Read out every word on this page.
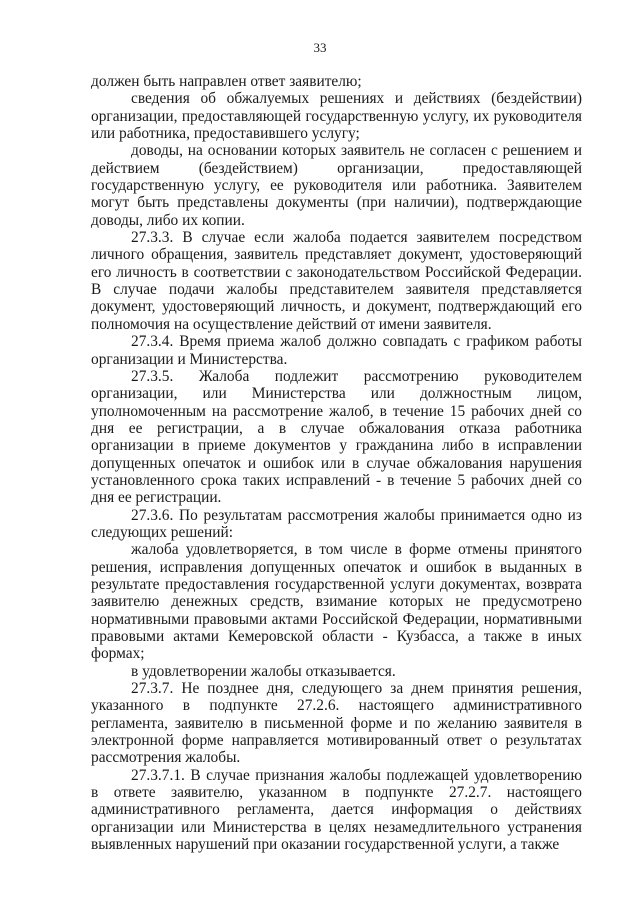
33

должен быть направлен ответ заявителю;

сведения об обжалуемых решениях и действиях (бездействии) организации, предоставляющей государственную услугу, их руководителя или работника, предоставившего услугу;

доводы, на основании которых заявитель не согласен с решением и действием (бездействием) организации, предоставляющей государственную услугу, ее руководителя или работника. Заявителем могут быть представлены документы (при наличии), подтверждающие доводы, либо их копии.

27.3.3. В случае если жалоба подается заявителем посредством личного обращения, заявитель представляет документ, удостоверяющий его личность в соответствии с законодательством Российской Федерации. В случае подачи жалобы представителем заявителя представляется документ, удостоверяющий личность, и документ, подтверждающий его полномочия на осуществление действий от имени заявителя.

27.3.4. Время приема жалоб должно совпадать с графиком работы организации и Министерства.

27.3.5. Жалоба подлежит рассмотрению руководителем организации, или Министерства или должностным лицом, уполномоченным на рассмотрение жалоб, в течение 15 рабочих дней со дня ее регистрации, а в случае обжалования отказа работника организации в приеме документов у гражданина либо в исправлении допущенных опечаток и ошибок или в случае обжалования нарушения установленного срока таких исправлений - в течение 5 рабочих дней со дня ее регистрации.

27.3.6. По результатам рассмотрения жалобы принимается одно из следующих решений:

жалоба удовлетворяется, в том числе в форме отмены принятого решения, исправления допущенных опечаток и ошибок в выданных в результате предоставления государственной услуги документах, возврата заявителю денежных средств, взимание которых не предусмотрено нормативными правовыми актами Российской Федерации, нормативными правовыми актами Кемеровской области - Кузбасса, а также в иных формах;

в удовлетворении жалобы отказывается.

27.3.7. Не позднее дня, следующего за днем принятия решения, указанного в подпункте 27.2.6. настоящего административного регламента, заявителю в письменной форме и по желанию заявителя в электронной форме направляется мотивированный ответ о результатах рассмотрения жалобы.

27.3.7.1. В случае признания жалобы подлежащей удовлетворению в ответе заявителю, указанном в подпункте 27.2.7. настоящего административного регламента, дается информация о действиях организации или Министерства в целях незамедлительного устранения выявленных нарушений при оказании государственной услуги, а также
